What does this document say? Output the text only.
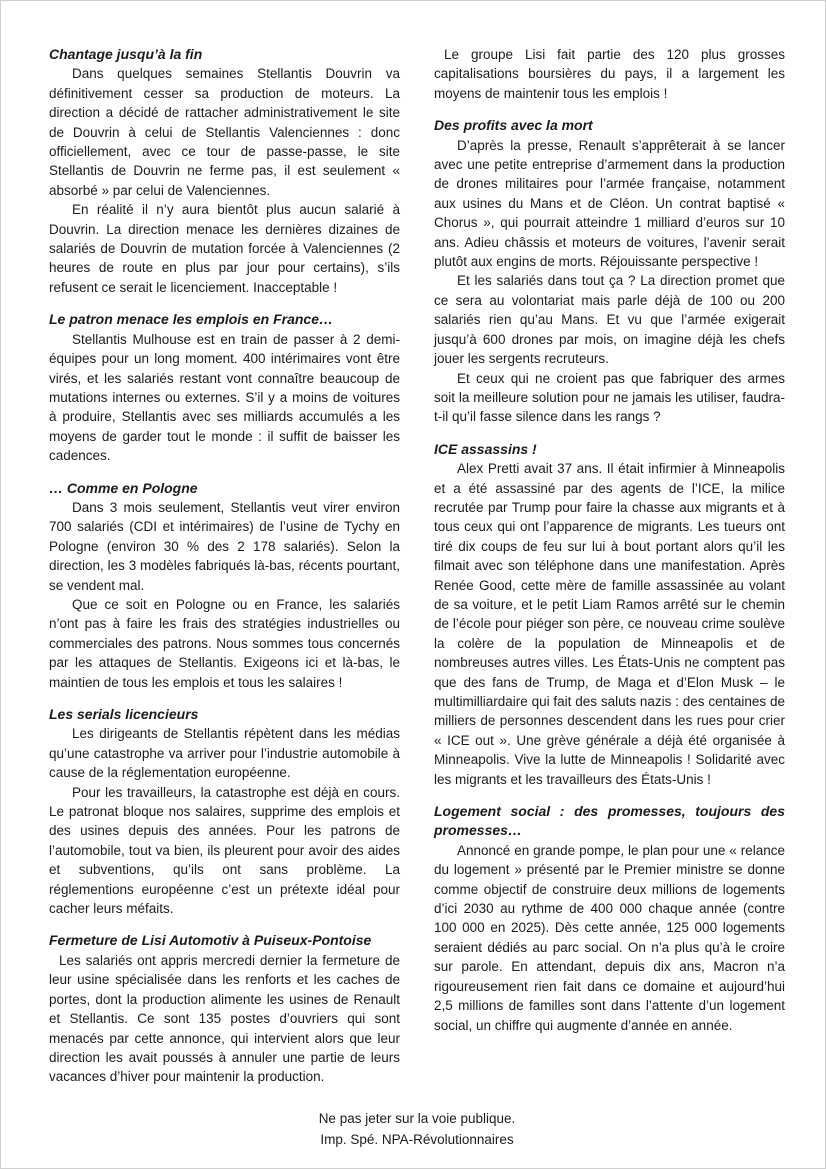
Chantage jusqu’à la fin

Dans quelques semaines Stellantis Douvrin va définitivement cesser sa production de moteurs. La direction a décidé de rattacher administrativement le site de Douvrin à celui de Stellantis Valenciennes : donc officiellement, avec ce tour de passe-passe, le site Stellantis de Douvrin ne ferme pas, il est seulement « absorbé » par celui de Valenciennes.

En réalité il n’y aura bientôt plus aucun salarié à Douvrin. La direction menace les dernières dizaines de salariés de Douvrin de mutation forcée à Valenciennes (2 heures de route en plus par jour pour certains), s’ils refusent ce serait le licenciement. Inacceptable !

Le patron menace les emplois en France…

Stellantis Mulhouse est en train de passer à 2 demi-équipes pour un long moment. 400 intérimaires vont être virés, et les salariés restant vont connaître beaucoup de mutations internes ou externes. S’il y a moins de voitures à produire, Stellantis avec ses milliards accumulés a les moyens de garder tout le monde : il suffit de baisser les cadences.

… Comme en Pologne

Dans 3 mois seulement, Stellantis veut virer environ 700 salariés (CDI et intérimaires) de l’usine de Tychy en Pologne (environ 30 % des 2 178 salariés). Selon la direction, les 3 modèles fabriqués là-bas, récents pourtant, se vendent mal.

Que ce soit en Pologne ou en France, les salariés n’ont pas à faire les frais des stratégies industrielles ou commerciales des patrons. Nous sommes tous concernés par les attaques de Stellantis. Exigeons ici et là-bas, le maintien de tous les emplois et tous les salaires !

Les serials licencieurs

Les dirigeants de Stellantis répètent dans les médias qu’une catastrophe va arriver pour l’industrie automobile à cause de la réglementation européenne.

Pour les travailleurs, la catastrophe est déjà en cours. Le patronat bloque nos salaires, supprime des emplois et des usines depuis des années. Pour les patrons de l’automobile, tout va bien, ils pleurent pour avoir des aides et subventions, qu’ils ont sans problème. La réglementions européenne c’est un prétexte idéal pour cacher leurs méfaits.

Fermeture de Lisi Automotiv à Puiseux-Pontoise

Les salariés ont appris mercredi dernier la fermeture de leur usine spécialisée dans les renforts et les caches de portes, dont la production alimente les usines de Renault et Stellantis. Ce sont 135 postes d’ouvriers qui sont menacés par cette annonce, qui intervient alors que leur direction les avait poussés à annuler une partie de leurs vacances d’hiver pour maintenir la production.

Le groupe Lisi fait partie des 120 plus grosses capitalisations boursières du pays, il a largement les moyens de maintenir tous les emplois !

Des profits avec la mort

D’après la presse, Renault s’apprêterait à se lancer avec une petite entreprise d’armement dans la production de drones militaires pour l’armée française, notamment aux usines du Mans et de Cléon. Un contrat baptisé « Chorus », qui pourrait atteindre 1 milliard d’euros sur 10 ans. Adieu châssis et moteurs de voitures, l’avenir serait plutôt aux engins de morts. Réjouissante perspective !

Et les salariés dans tout ça ? La direction promet que ce sera au volontariat mais parle déjà de 100 ou 200 salariés rien qu’au Mans. Et vu que l’armée exigerait jusqu’à 600 drones par mois, on imagine déjà les chefs jouer les sergents recruteurs.

Et ceux qui ne croient pas que fabriquer des armes soit la meilleure solution pour ne jamais les utiliser, faudra-t-il qu’il fasse silence dans les rangs ?

ICE assassins !

Alex Pretti avait 37 ans. Il était infirmier à Minneapolis et a été assassiné par des agents de l’ICE, la milice recrutée par Trump pour faire la chasse aux migrants et à tous ceux qui ont l’apparence de migrants. Les tueurs ont tiré dix coups de feu sur lui à bout portant alors qu’il les filmait avec son téléphone dans une manifestation. Après Renée Good, cette mère de famille assassinée au volant de sa voiture, et le petit Liam Ramos arrêté sur le chemin de l’école pour piéger son père, ce nouveau crime soulève la colère de la population de Minneapolis et de nombreuses autres villes. Les États-Unis ne comptent pas que des fans de Trump, de Maga et d’Elon Musk – le multimilliardaire qui fait des saluts nazis : des centaines de milliers de personnes descendent dans les rues pour crier « ICE out ». Une grève générale a déjà été organisée à Minneapolis. Vive la lutte de Minneapolis ! Solidarité avec les migrants et les travailleurs des États-Unis !

Logement social : des promesses, toujours des promesses…

Annoncé en grande pompe, le plan pour une « relance du logement » présenté par le Premier ministre se donne comme objectif de construire deux millions de logements d’ici 2030 au rythme de 400 000 chaque année (contre 100 000 en 2025). Dès cette année, 125 000 logements seraient dédiés au parc social. On n’a plus qu’à le croire sur parole. En attendant, depuis dix ans, Macron n’a rigoureusement rien fait dans ce domaine et aujourd’hui 2,5 millions de familles sont dans l’attente d’un logement social, un chiffre qui augmente d’année en année.

Ne pas jeter sur la voie publique.
Imp. Spé. NPA-Révolutionnaires
